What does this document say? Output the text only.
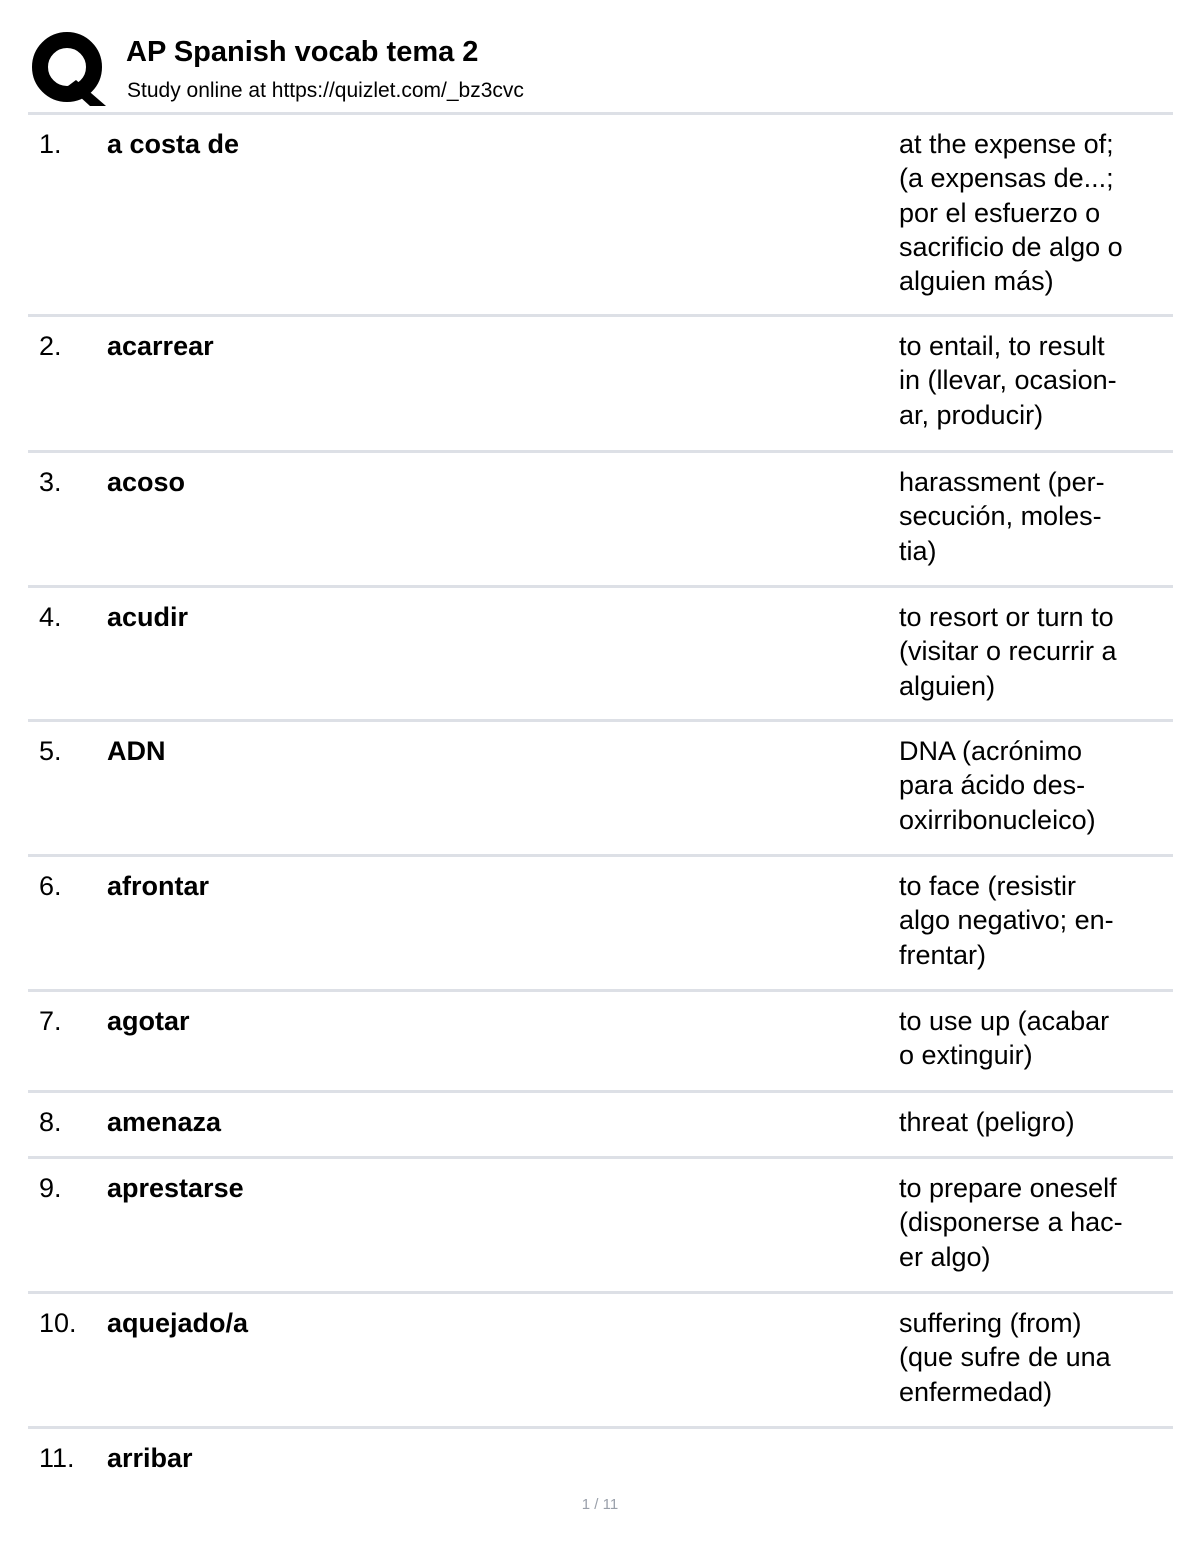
AP Spanish vocab tema 2
Study online at https://quizlet.com/_bz3cvc
1. a costa de	at the expense of;
(a expensas de...;
por el esfuerzo o
sacrificio de algo o
alguien más)
2. acarrear	to entail, to result
in (llevar, ocasion-
ar, producir)
3. acoso	harassment (per-
secución, moles-
tia)
4. acudir	to resort or turn to
(visitar o recurrir a
alguien)
5. ADN	DNA (acrónimo
para ácido des-
oxirribonucleico)
6. afrontar	to face (resistir
algo negativo; en-
frentar)
7. agotar	to use up (acabar
o extinguir)
8. amenaza	threat (peligro)
9. aprestarse	to prepare oneself
(disponerse a hac-
er algo)
10. aquejado/a	suffering (from)
(que sufre de una
enfermedad)
11. arribar
1 / 11
